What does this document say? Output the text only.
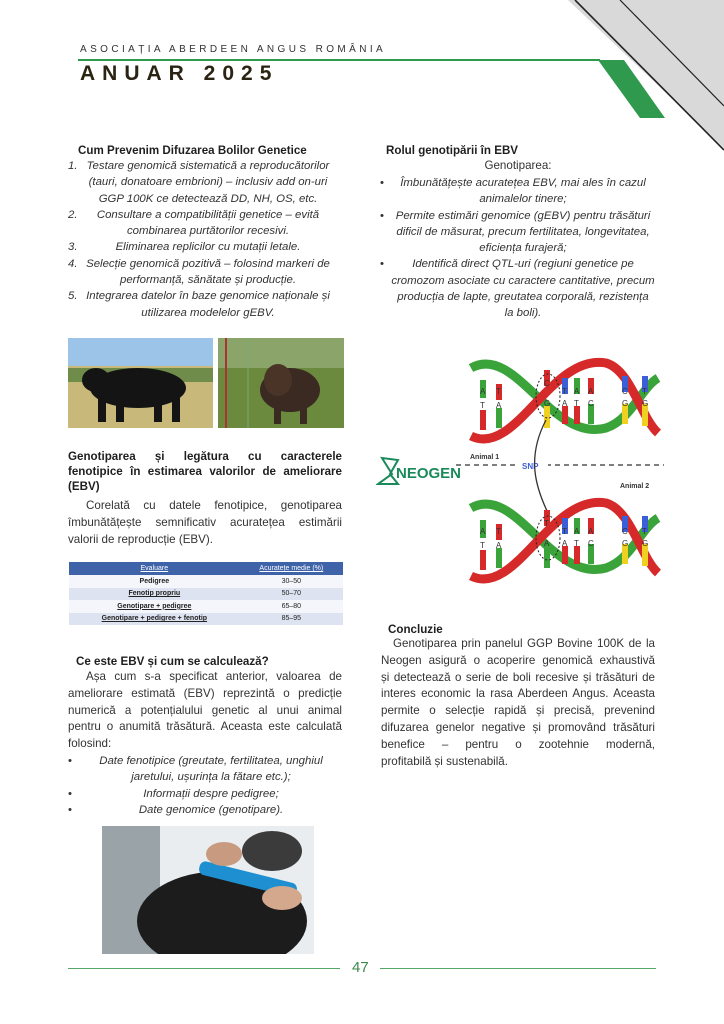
ASOCIAȚIA ABERDEEN ANGUS ROMÂNIA
ANUAR 2025
Cum Prevenim Difuzarea Bolilor Genetice
1. Testare genomică sistematică a reproducătorilor
(tauri, donatoare embrioni) – inclusiv add on-uri
GGP 100K ce detectează DD, NH, OS, etc.
2.	Consultare a compatibilității genetice – evită
combinarea purtătorilor recesivi.
3.	Eliminarea replicilor cu mutații letale.
4. Selecție genomică pozitivă – folosind markeri de
performanță, sănătate și producție.
5. Integrarea datelor în baze genomice naționale și
utilizarea modelelor gEBV.
Genotiparea și legătura cu caracterele
fenotipice în estimarea valorilor de ameliorare
(EBV)
Corelată cu datele fenotipice, genotiparea
îmbunătățește semnificativ acuratețea estimării
valorii de reproducție (EBV).
Evaluare	Acuratețe medie (%)
Pedigree	30–50
Fenotip propriu	50–70
Genotipare + pedigree	65–80
Genotipare + pedigree + fenotip	85–95
Ce este EBV și cum se calculează?
Așa cum s-a specificat anterior, valoarea de
ameliorare estimată (EBV) reprezintă o predicție
numerică a potențialului genetic al unui animal
pentru o anumită trăsătură. Aceasta este calculată
folosind:
•	Date fenotipice (greutate, fertilitatea, unghiul
jaretului, ușurința la fătare etc.);
•	Informații despre pedigree;
•	Date genomice (genotipare).
Rolul genotipării în EBV
Genotiparea:
•	Îmbunătățește acuratețea EBV, mai ales în cazul
animalelor tinere;
•	Permite estimări genomice (gEBV) pentru trăsături
dificil de măsurat, precum fertilitatea, longevitatea,
eficiența furajeră;
•	Identifică direct QTL-uri (regiuni genetice pe
cromozom asociate cu caractere cantitative, precum
producția de lapte, greutatea corporală, rezistența
la boli).
A
T
T
A
C
G
T
A
A
T
A
C
C
G
T
G
NEOGEN
Animal 1
Animal 2
SNP
A
T
T
A
T
A
T
A
A
T
A
C
C
G
T
G
Concluzie
Genotiparea prin panelul GGP Bovine 100K de la
Neogen asigură o acoperire genomică exhaustivă
și detectează o serie de boli recesive și trăsături de
interes economic la rasa Aberdeen Angus. Aceasta
permite o selecție rapidă și precisă, prevenind
difuzarea genelor negative și promovând trăsături
benefice – pentru o zootehnie modernă,
profitabilă și sustenabilă.
47
